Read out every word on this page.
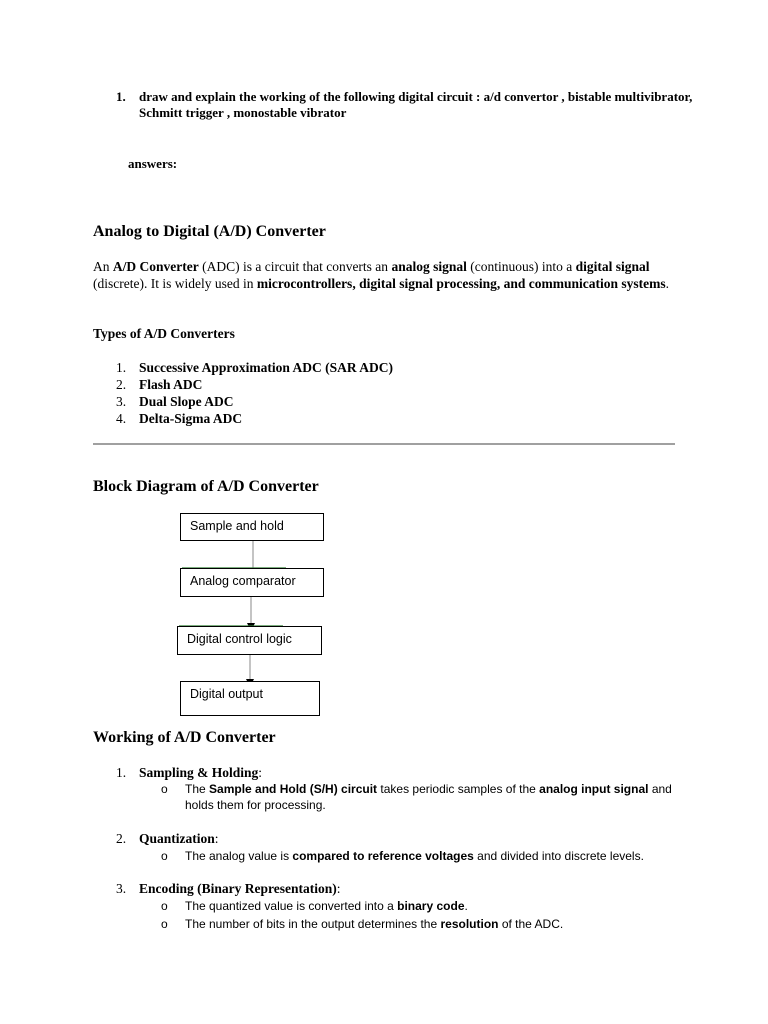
1. draw and explain the working of the following digital circuit : a/d convertor , bistable multivibrator, Schmitt trigger , monostable vibrator
answers:
Analog to Digital (A/D) Converter
An A/D Converter (ADC) is a circuit that converts an analog signal (continuous) into a digital signal (discrete). It is widely used in microcontrollers, digital signal processing, and communication systems.
Types of A/D Converters
1. Successive Approximation ADC (SAR ADC)
2. Flash ADC
3. Dual Slope ADC
4. Delta-Sigma ADC
Block Diagram of A/D Converter
Sample and hold
Analog comparator
Digital control logic
Digital output
Working of A/D Converter
1. Sampling & Holding:
o The Sample and Hold (S/H) circuit takes periodic samples of the analog input signal and holds them for processing.
2. Quantization:
o The analog value is compared to reference voltages and divided into discrete levels.
3. Encoding (Binary Representation):
o The quantized value is converted into a binary code.
o The number of bits in the output determines the resolution of the ADC.
